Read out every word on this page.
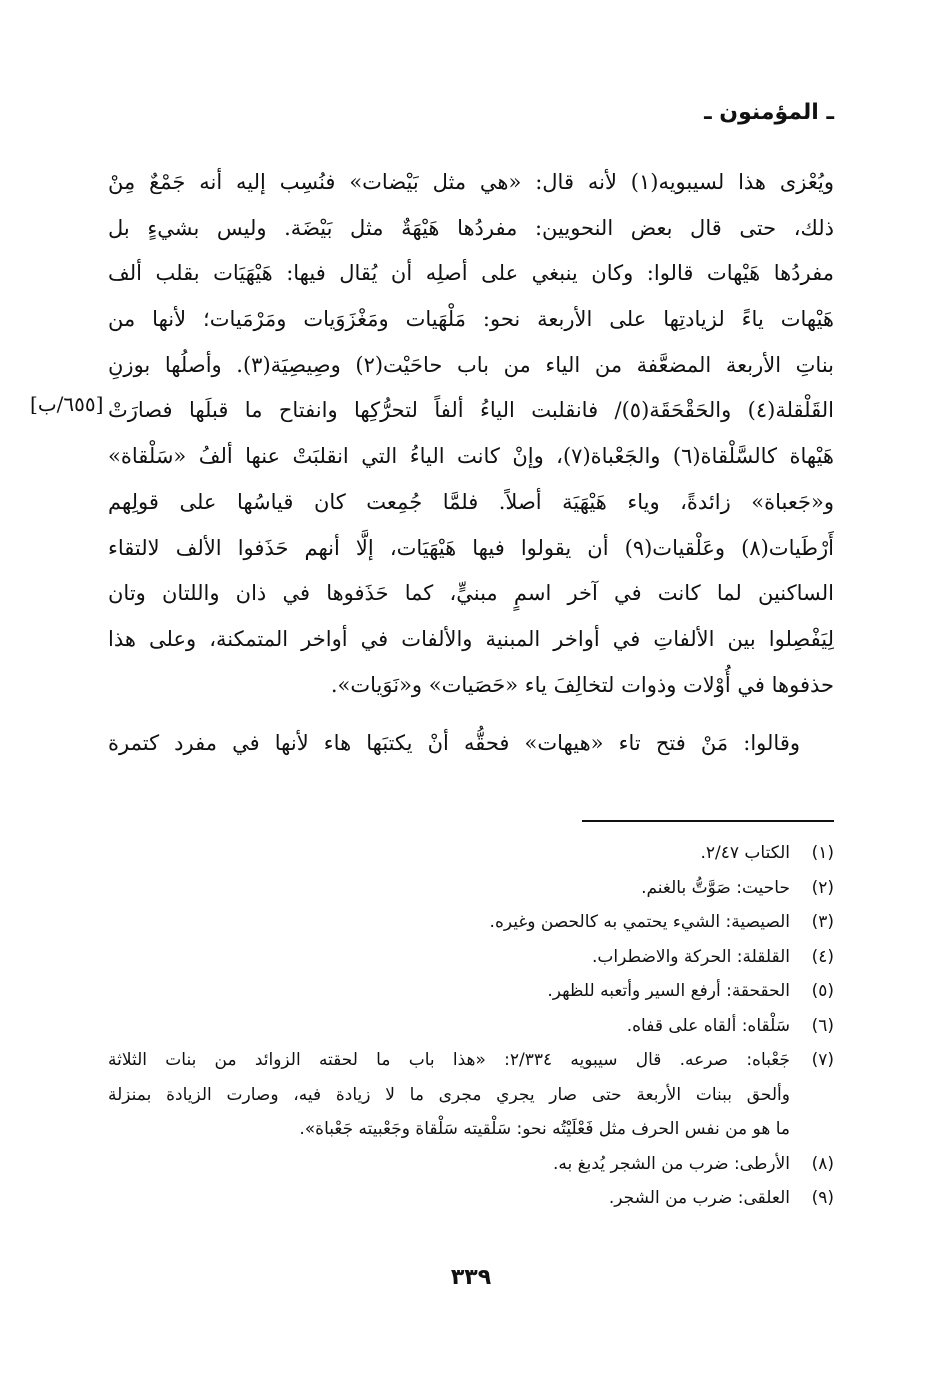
ـ المؤمنون ـ
[٦٥٥/ب]
ويُعْزى هذا لسيبويه(١) لأنه قال: «هي مثل بَيْضات» فنُسِب إليه أنه جَمْعٌ مِنْ
ذلك، حتى قال بعض النحويين: مفردُها هَيْهَةٌ مثل بَيْضَة. وليس بشيءٍ بل
مفردُها هَيْهات قالوا: وكان ينبغي على أصلِه أن يُقال فيها: هَيْهَيَات بقلب ألف
هَيْهات ياءً لزيادتِها على الأربعة نحو: مَلْهَيات ومَغْزَوَيات ومَرْمَيات؛ لأنها من
بناتِ الأربعة المضعَّفة من الياء من باب حاحَيْت(٢) وصِيصِيَة(٣). وأصلُها بوزنِ
القَلْقلة(٤) والحَقْحَقَة(٥)/ فانقلبت الياءُ ألفاً لتحرُّكِها وانفتاح ما قبلَها فصارَتْ
هَيْهاة كالسَّلْقاة(٦) والجَعْباة(٧)، وإنْ كانت الياءُ التي انقلبَتْ عنها ألفُ «سَلْقاة»
و«جَعباة» زائدةً، وياء هَيْهَيَة أصلاً. فلمَّا جُمِعت كان قياسُها على قولِهم
أَرْطَيات(٨) وعَلْقيات(٩) أن يقولوا فيها هَيْهَيَات، إلَّا أنهم حَذَفوا الألف لالتقاء
الساكنين لما كانت في آخر اسمٍ مبنيٍّ، كما حَذَفوها في ذان واللتان وتان
لِيَفْصِلوا بين الألفاتِ في أواخر المبنية والألفات في أواخر المتمكنة، وعلى هذا
حذفوها في أُوْلات وذوات لتخالِفَ ياء «حَصَيات» و«نَوَيات».
وقالوا: مَنْ فتح تاء «هيهات» فحقُّه أنْ يكتبَها هاء لأنها في مفرد كتمرة
(١)
الكتاب ٢/٤٧.
(٢)
حاحيت: صَوَّتُّ بالغنم.
(٣)
الصيصية: الشيء يحتمي به كالحصن وغيره.
(٤)
القلقلة: الحركة والاضطراب.
(٥)
الحقحقة: أرفع السير وأتعبه للظهر.
(٦)
سَلْقاه: ألقاه على قفاه.
(٧)
جَعْباه: صرعه. قال سيبويه ٢/٣٣٤: «هذا باب ما لحقته الزوائد من بنات الثلاثة
وألحق ببنات الأربعة حتى صار يجري مجرى ما لا زيادة فيه، وصارت الزيادة بمنزلة
ما هو من نفس الحرف مثل فَعْلَيْتُه نحو: سَلْقيته سَلْقاة وجَعْبيته جَعْباة».
(٨)
الأرطى: ضرب من الشجر يُدبغ به.
(٩)
العلقى: ضرب من الشجر.
٣٣٩
